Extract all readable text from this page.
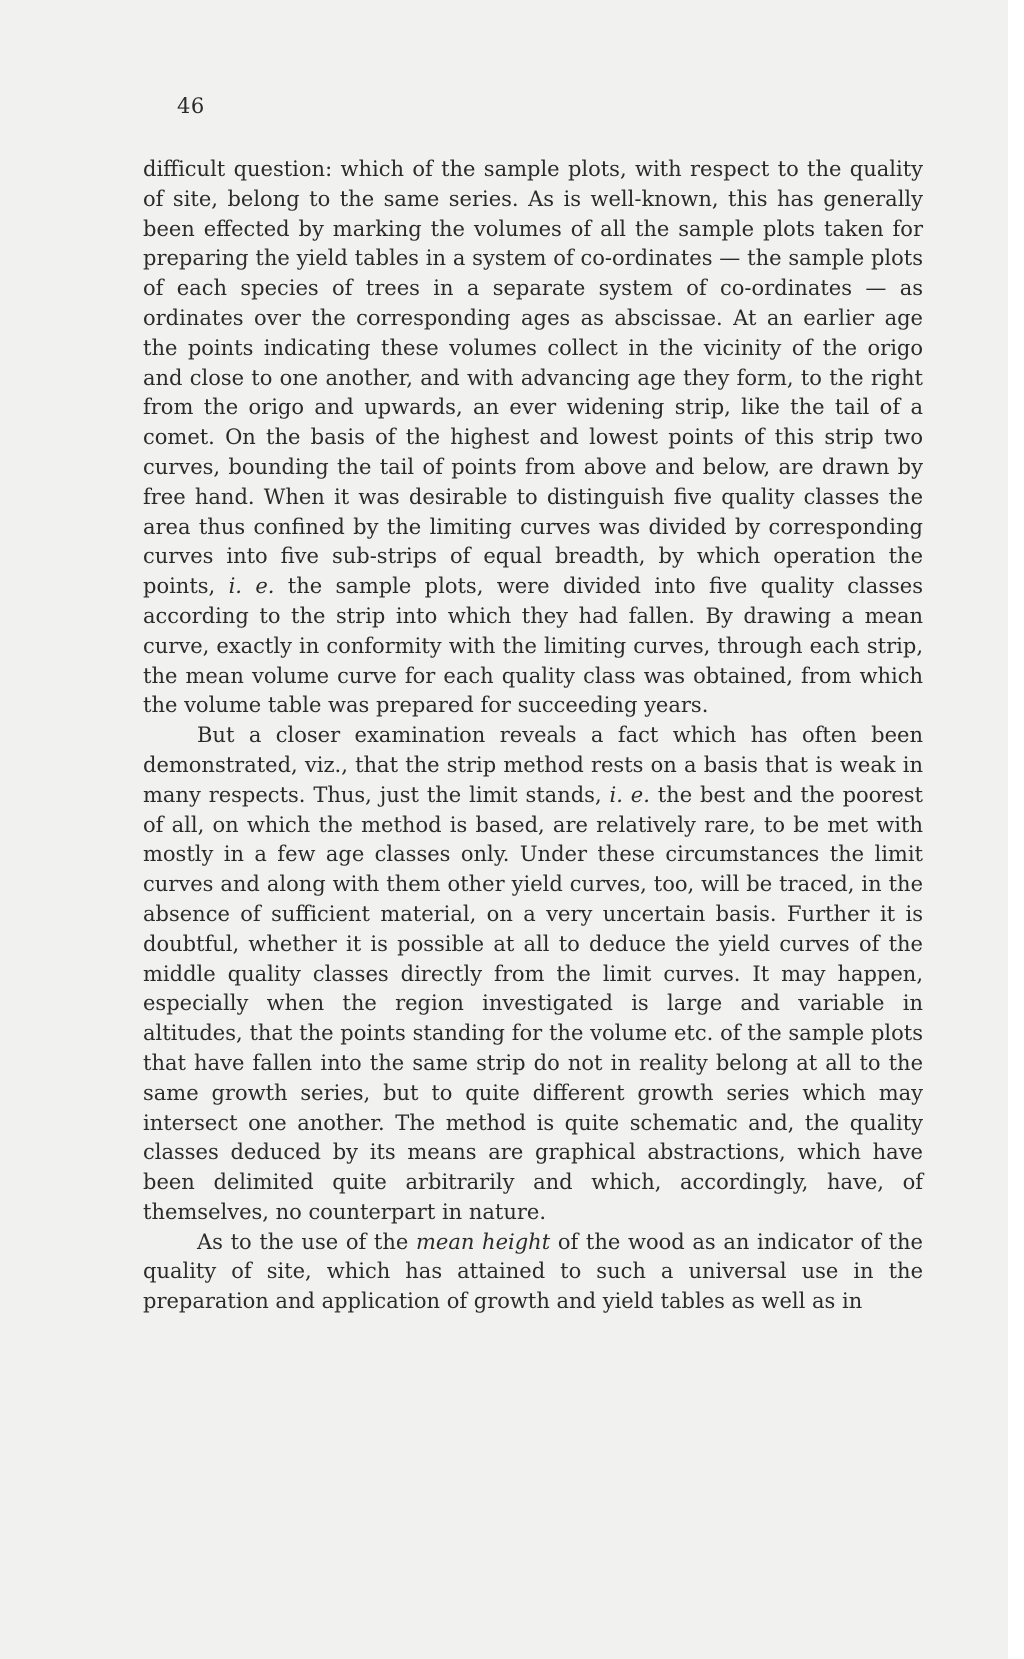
46

difficult question: which of the sample plots, with respect to the quality of site, belong to the same series. As is well-known, this has generally been effected by marking the volumes of all the sample plots taken for preparing the yield tables in a system of co-ordinates — the sample plots of each species of trees in a separate system of co-ordinates — as ordinates over the corresponding ages as abscissae. At an earlier age the points indicating these volumes collect in the vicinity of the origo and close to one another, and with advancing age they form, to the right from the origo and upwards, an ever widening strip, like the tail of a comet. On the basis of the highest and lowest points of this strip two curves, bounding the tail of points from above and below, are drawn by free hand. When it was desirable to distinguish five quality classes the area thus confined by the limiting curves was divided by corresponding curves into five sub-strips of equal breadth, by which operation the points, i. e. the sample plots, were divided into five quality classes according to the strip into which they had fallen. By drawing a mean curve, exactly in conformity with the limiting curves, through each strip, the mean volume curve for each quality class was obtained, from which the volume table was prepared for succeeding years.

But a closer examination reveals a fact which has often been demonstrated, viz., that the strip method rests on a basis that is weak in many respects. Thus, just the limit stands, i. e. the best and the poorest of all, on which the method is based, are relatively rare, to be met with mostly in a few age classes only. Under these circumstances the limit curves and along with them other yield curves, too, will be traced, in the absence of sufficient material, on a very uncertain basis. Further it is doubtful, whether it is possible at all to deduce the yield curves of the middle quality classes directly from the limit curves. It may happen, especially when the region investigated is large and variable in altitudes, that the points standing for the volume etc. of the sample plots that have fallen into the same strip do not in reality belong at all to the same growth series, but to quite different growth series which may intersect one another. The method is quite schematic and, the quality classes deduced by its means are graphical abstractions, which have been delimited quite arbitrarily and which, accordingly, have, of themselves, no counterpart in nature.

As to the use of the mean height of the wood as an indicator of the quality of site, which has attained to such a universal use in the preparation and application of growth and yield tables as well as in
